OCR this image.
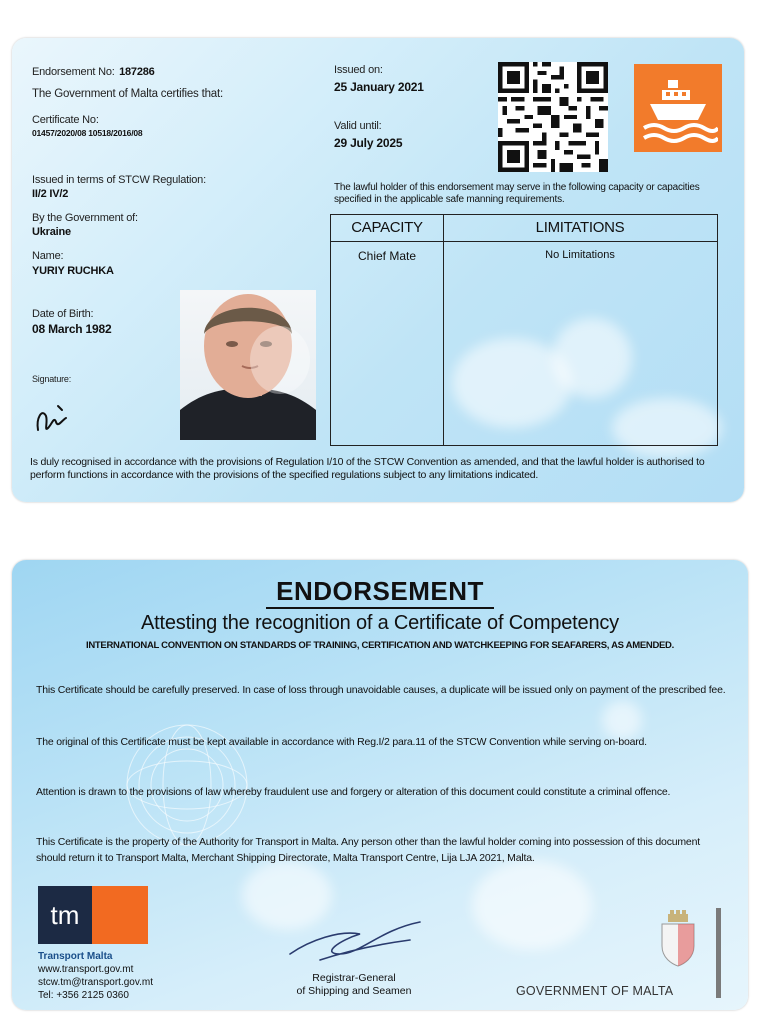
Endorsement No: 187286
The Government of Malta certifies that:
Certificate No:
01457/2020/08 10518/2016/08
Issued in terms of STCW Regulation:
II/2 IV/2
By the Government of:
Ukraine
Name:
YURIY RUCHKA
Date of Birth:
08 March 1982
Signature:
Issued on:
25 January 2021
Valid until:
29 July 2025
The lawful holder of this endorsement may serve in the following capacity or capacities specified in the applicable safe manning requirements.
CAPACITY	LIMITATIONS
Chief Mate	No Limitations
Is duly recognised in accordance with the provisions of Regulation I/10 of the STCW Convention as amended, and that the lawful holder is authorised to perform functions in accordance with the provisions of the specified regulations subject to any limitations indicated.
ENDORSEMENT
Attesting the recognition of a Certificate of Competency
INTERNATIONAL CONVENTION ON STANDARDS OF TRAINING, CERTIFICATION AND WATCHKEEPING FOR SEAFARERS, AS AMENDED.
This Certificate should be carefully preserved. In case of loss through unavoidable causes, a duplicate will be issued only on payment of the prescribed fee.
The original of this Certificate must be kept available in accordance with Reg.I/2 para.11 of the STCW Convention while serving on-board.
Attention is drawn to the provisions of law whereby fraudulent use and forgery or alteration of this document could constitute a criminal offence.
This Certificate is the property of the Authority for Transport in Malta. Any person other than the lawful holder coming into possession of this document should return it to Transport Malta, Merchant Shipping Directorate, Malta Transport Centre, Lija LJA 2021, Malta.
tm
Transport Malta
www.transport.gov.mt
stcw.tm@transport.gov.mt
Tel: +356 2125 0360
Registrar-General
of Shipping and Seamen	GOVERNMENT OF MALTA
